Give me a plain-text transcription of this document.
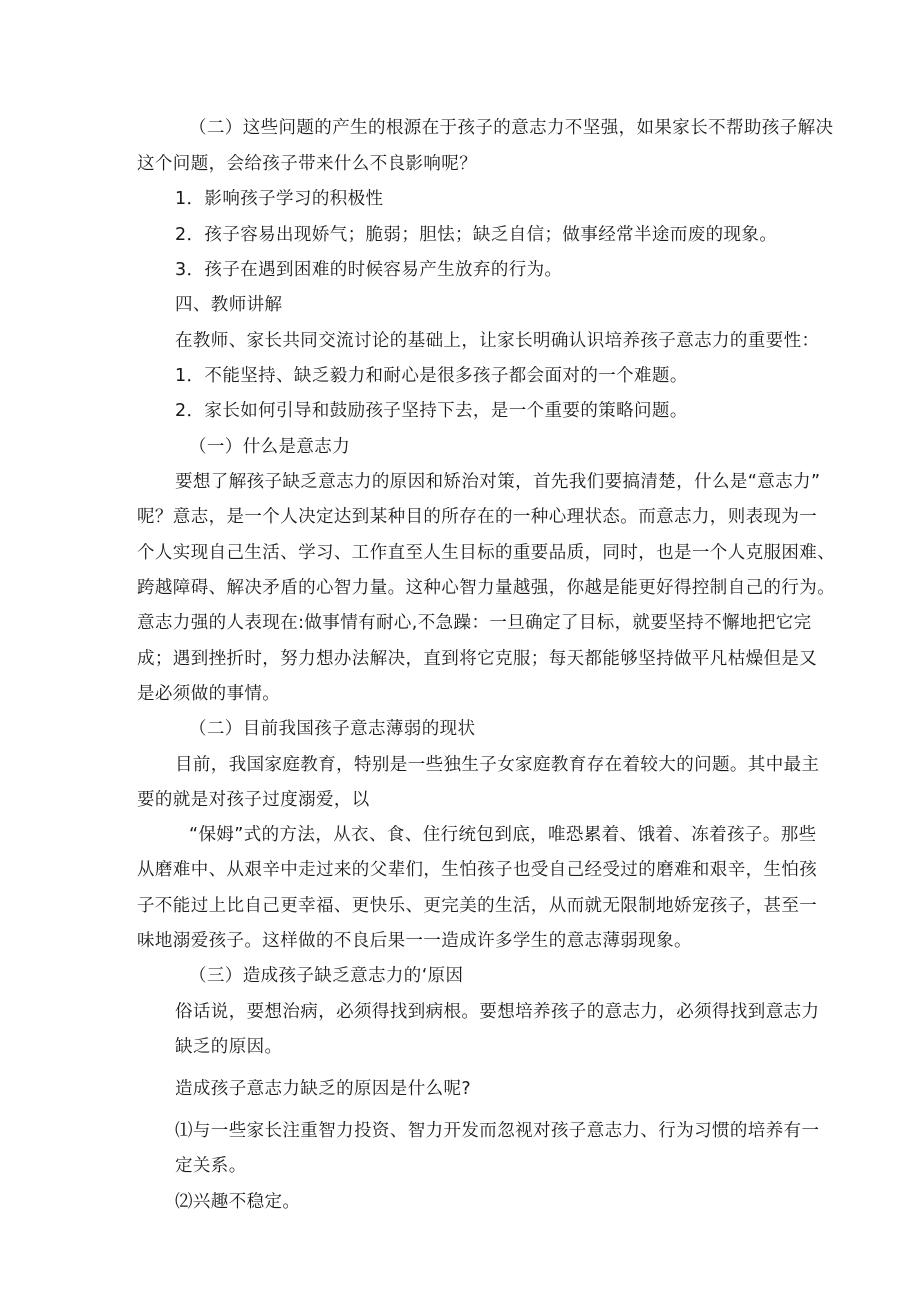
（二）这些问题的产生的根源在于孩子的意志力不坚强，如果家长不帮助孩子解决
这个问题，会给孩子带来什么不良影响呢？
1．影响孩子学习的积极性
2．孩子容易出现娇气；脆弱；胆怯；缺乏自信；做事经常半途而废的现象。
3．孩子在遇到困难的时候容易产生放弃的行为。
四、教师讲解
在教师、家长共同交流讨论的基础上，让家长明确认识培养孩子意志力的重要性：
1．不能坚持、缺乏毅力和耐心是很多孩子都会面对的一个难题。
2．家长如何引导和鼓励孩子坚持下去，是一个重要的策略问题。
（一）什么是意志力
要想了解孩子缺乏意志力的原因和矫治对策，首先我们要搞清楚，什么是“意志力”
呢？意志，是一个人决定达到某种目的所存在的一种心理状态。而意志力，则表现为一
个人实现自己生活、学习、工作直至人生目标的重要品质，同时，也是一个人克服困难、
跨越障碍、解决矛盾的心智力量。这种心智力量越强，你越是能更好得控制自己的行为。
意志力强的人表现在:做事情有耐心,不急躁：一旦确定了目标，就要坚持不懈地把它完
成；遇到挫折时，努力想办法解决，直到将它克服；每天都能够坚持做平凡枯燥但是又
是必须做的事情。
（二）目前我国孩子意志薄弱的现状
目前，我国家庭教育，特别是一些独生子女家庭教育存在着较大的问题。其中最主
要的就是对孩子过度溺爱，以
“保姆”式的方法，从衣、食、住行统包到底，唯恐累着、饿着、冻着孩子。那些
从磨难中、从艰辛中走过来的父辈们，生怕孩子也受自己经受过的磨难和艰辛，生怕孩
子不能过上比自己更幸福、更快乐、更完美的生活，从而就无限制地娇宠孩子，甚至一
味地溺爱孩子。这样做的不良后果一一造成许多学生的意志薄弱现象。
（三）造成孩子缺乏意志力的‘原因
俗话说，要想治病，必须得找到病根。要想培养孩子的意志力，必须得找到意志力
缺乏的原因。
造成孩子意志力缺乏的原因是什么呢?
⑴与一些家长注重智力投资、智力开发而忽视对孩子意志力、行为习惯的培养有一
定关系。
⑵兴趣不稳定。
